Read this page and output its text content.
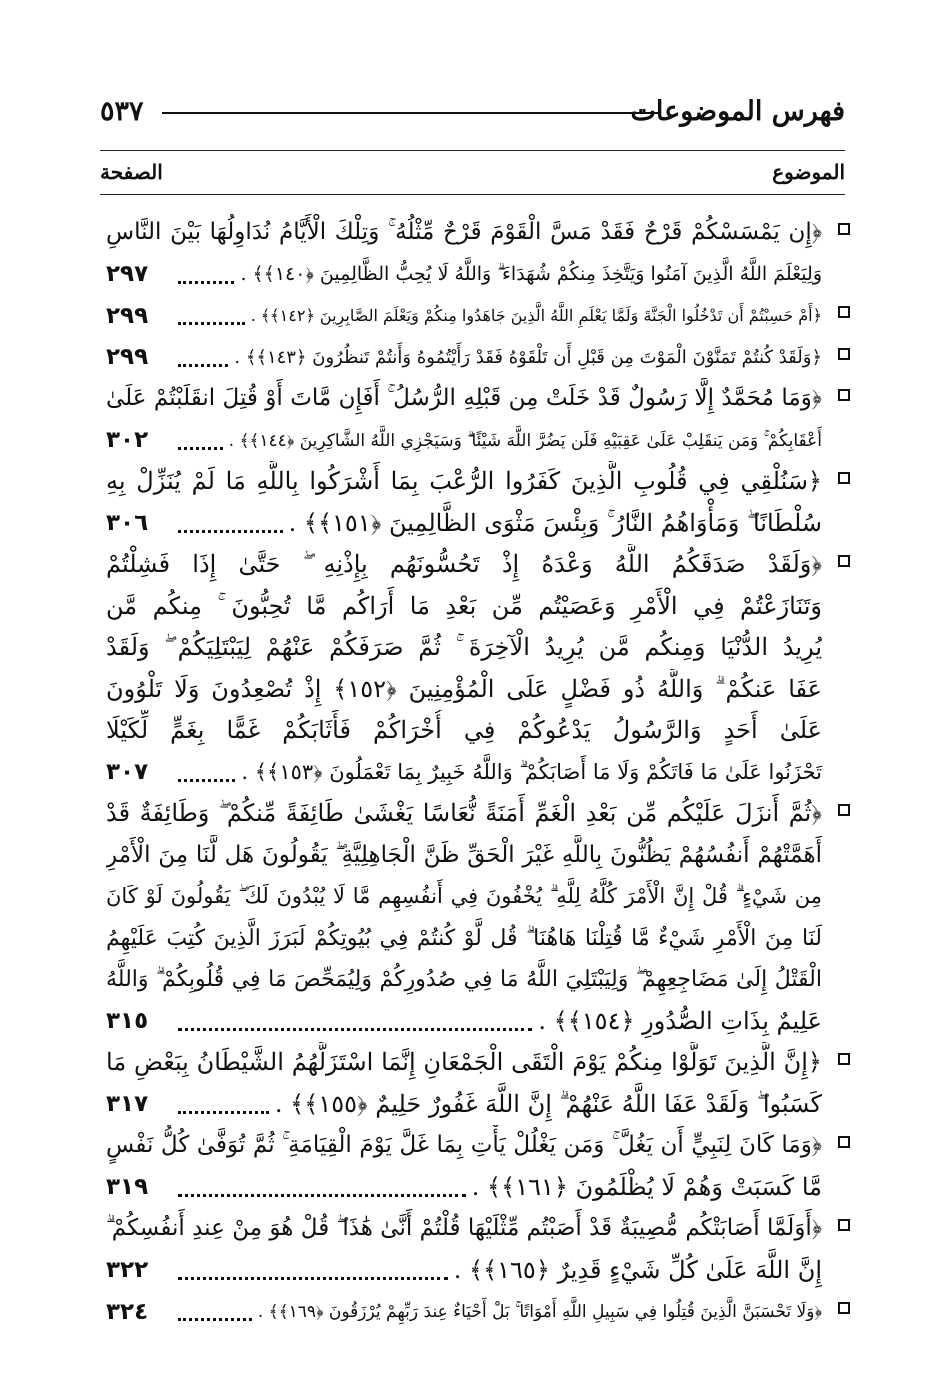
٥٣٧	فهرس الموضوعات
الموضوع
الصفحة
﴿إِن يَمْسَسْكُمْ قَرْحٌ فَقَدْ مَسَّ الْقَوْمَ قَرْحٌ مِّثْلُهُ ۚ وَتِلْكَ الْأَيَّامُ نُدَاوِلُهَا بَيْنَ النَّاسِ
وَلِيَعْلَمَ اللَّهُ الَّذِينَ آمَنُوا وَيَتَّخِذَ مِنكُمْ شُهَدَاءَ ۗ وَاللَّهُ لَا يُحِبُّ الظَّالِمِينَ ﴿١٤٠﴾﴾ .
٢٩٧
﴿أَمْ حَسِبْتُمْ أَن تَدْخُلُوا الْجَنَّةَ وَلَمَّا يَعْلَمِ اللَّهُ الَّذِينَ جَاهَدُوا مِنكُمْ وَيَعْلَمَ الصَّابِرِينَ ﴿١٤٢﴾﴾ .
٢٩٩
﴿وَلَقَدْ كُنتُمْ تَمَنَّوْنَ الْمَوْتَ مِن قَبْلِ أَن تَلْقَوْهُ فَقَدْ رَأَيْتُمُوهُ وَأَنتُمْ تَنظُرُونَ ﴿١٤٣﴾﴾ .
٢٩٩
﴿وَمَا مُحَمَّدٌ إِلَّا رَسُولٌ قَدْ خَلَتْ مِن قَبْلِهِ الرُّسُلُ ۚ أَفَإِن مَّاتَ أَوْ قُتِلَ انقَلَبْتُمْ عَلَىٰ
أَعْقَابِكُمْ ۚ وَمَن يَنقَلِبْ عَلَىٰ عَقِبَيْهِ فَلَن يَضُرَّ اللَّهَ شَيْئًا ۗ وَسَيَجْزِي اللَّهُ الشَّاكِرِينَ ﴿١٤٤﴾﴾ .
٣٠٢
﴿سَنُلْقِي فِي قُلُوبِ الَّذِينَ كَفَرُوا الرُّعْبَ بِمَا أَشْرَكُوا بِاللَّهِ مَا لَمْ يُنَزِّلْ بِهِ
سُلْطَانًا ۖ وَمَأْوَاهُمُ النَّارُ ۚ وَبِئْسَ مَثْوَى الظَّالِمِينَ ﴿١٥١﴾﴾ .
٣٠٦
﴿وَلَقَدْ صَدَقَكُمُ اللَّهُ وَعْدَهُ إِذْ تَحُسُّونَهُم بِإِذْنِهِ ۖ حَتَّىٰ إِذَا فَشِلْتُمْ
وَتَنَازَعْتُمْ فِي الْأَمْرِ وَعَصَيْتُم مِّن بَعْدِ مَا أَرَاكُم مَّا تُحِبُّونَ ۚ مِنكُم مَّن
يُرِيدُ الدُّنْيَا وَمِنكُم مَّن يُرِيدُ الْآخِرَةَ ۚ ثُمَّ صَرَفَكُمْ عَنْهُمْ لِيَبْتَلِيَكُمْ ۖ وَلَقَدْ
عَفَا عَنكُمْ ۗ وَاللَّهُ ذُو فَضْلٍ عَلَى الْمُؤْمِنِينَ ﴿١٥٢﴾ إِذْ تُصْعِدُونَ وَلَا تَلْوُونَ
عَلَىٰ أَحَدٍ وَالرَّسُولُ يَدْعُوكُمْ فِي أُخْرَاكُمْ فَأَثَابَكُمْ غَمًّا بِغَمٍّ لِّكَيْلَا
تَحْزَنُوا عَلَىٰ مَا فَاتَكُمْ وَلَا مَا أَصَابَكُمْ ۗ وَاللَّهُ خَبِيرٌ بِمَا تَعْمَلُونَ ﴿١٥٣﴾﴾ .
٣٠٧
﴿ثُمَّ أَنزَلَ عَلَيْكُم مِّن بَعْدِ الْغَمِّ أَمَنَةً نُّعَاسًا يَغْشَىٰ طَائِفَةً مِّنكُمْ ۖ وَطَائِفَةٌ قَدْ
أَهَمَّتْهُمْ أَنفُسُهُمْ يَظُنُّونَ بِاللَّهِ غَيْرَ الْحَقِّ ظَنَّ الْجَاهِلِيَّةِ ۖ يَقُولُونَ هَل لَّنَا مِنَ الْأَمْرِ
مِن شَيْءٍ ۗ قُلْ إِنَّ الْأَمْرَ كُلَّهُ لِلَّهِ ۗ يُخْفُونَ فِي أَنفُسِهِم مَّا لَا يُبْدُونَ لَكَ ۖ يَقُولُونَ لَوْ كَانَ
لَنَا مِنَ الْأَمْرِ شَيْءٌ مَّا قُتِلْنَا هَاهُنَا ۗ قُل لَّوْ كُنتُمْ فِي بُيُوتِكُمْ لَبَرَزَ الَّذِينَ كُتِبَ عَلَيْهِمُ
الْقَتْلُ إِلَىٰ مَضَاجِعِهِمْ ۖ وَلِيَبْتَلِيَ اللَّهُ مَا فِي صُدُورِكُمْ وَلِيُمَحِّصَ مَا فِي قُلُوبِكُمْ ۗ وَاللَّهُ
عَلِيمٌ بِذَاتِ الصُّدُورِ ﴿١٥٤﴾﴾ .
٣١٥
﴿إِنَّ الَّذِينَ تَوَلَّوْا مِنكُمْ يَوْمَ الْتَقَى الْجَمْعَانِ إِنَّمَا اسْتَزَلَّهُمُ الشَّيْطَانُ بِبَعْضِ مَا
كَسَبُوا ۖ وَلَقَدْ عَفَا اللَّهُ عَنْهُمْ ۗ إِنَّ اللَّهَ غَفُورٌ حَلِيمٌ ﴿١٥٥﴾﴾ .
٣١٧
﴿وَمَا كَانَ لِنَبِيٍّ أَن يَغُلَّ ۚ وَمَن يَغْلُلْ يَأْتِ بِمَا غَلَّ يَوْمَ الْقِيَامَةِ ۚ ثُمَّ تُوَفَّىٰ كُلُّ نَفْسٍ
مَّا كَسَبَتْ وَهُمْ لَا يُظْلَمُونَ ﴿١٦١﴾﴾ .
٣١٩
﴿أَوَلَمَّا أَصَابَتْكُم مُّصِيبَةٌ قَدْ أَصَبْتُم مِّثْلَيْهَا قُلْتُمْ أَنَّىٰ هَٰذَا ۖ قُلْ هُوَ مِنْ عِندِ أَنفُسِكُمْ ۗ
إِنَّ اللَّهَ عَلَىٰ كُلِّ شَيْءٍ قَدِيرٌ ﴿١٦٥﴾﴾ .
٣٢٢
﴿وَلَا تَحْسَبَنَّ الَّذِينَ قُتِلُوا فِي سَبِيلِ اللَّهِ أَمْوَاتًا ۚ بَلْ أَحْيَاءٌ عِندَ رَبِّهِمْ يُرْزَقُونَ ﴿١٦٩﴾﴾ .
٣٢٤
